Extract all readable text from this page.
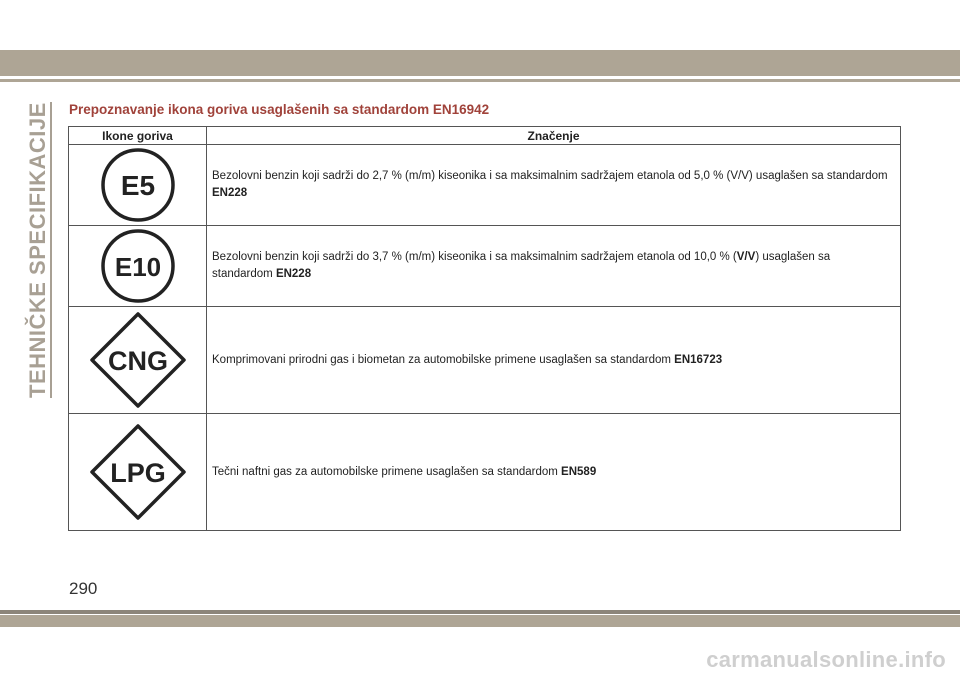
TEHNIČKE SPECIFIKACIJE	Prepoznavanje ikona goriva usaglašenih sa standardom EN16942
Ikone goriva	Značenje

E5	Bezolovni benzin koji sadrži do 2,7 % (m/m) kiseonika i sa maksimalnim sadržajem etanola od 5,0 % (V/V) usaglašen sa standardom EN228

E10	Bezolovni benzin koji sadrži do 3,7 % (m/m) kiseonika i sa maksimalnim sadržajem etanola od 10,0 % (V/V) usaglašen sa standardom EN228

CNG	Komprimovani prirodni gas i biometan za automobilske primene usaglašen sa standardom EN16723

LPG	Tečni naftni gas za automobilske primene usaglašen sa standardom EN589
290
carmanualsonline.info
